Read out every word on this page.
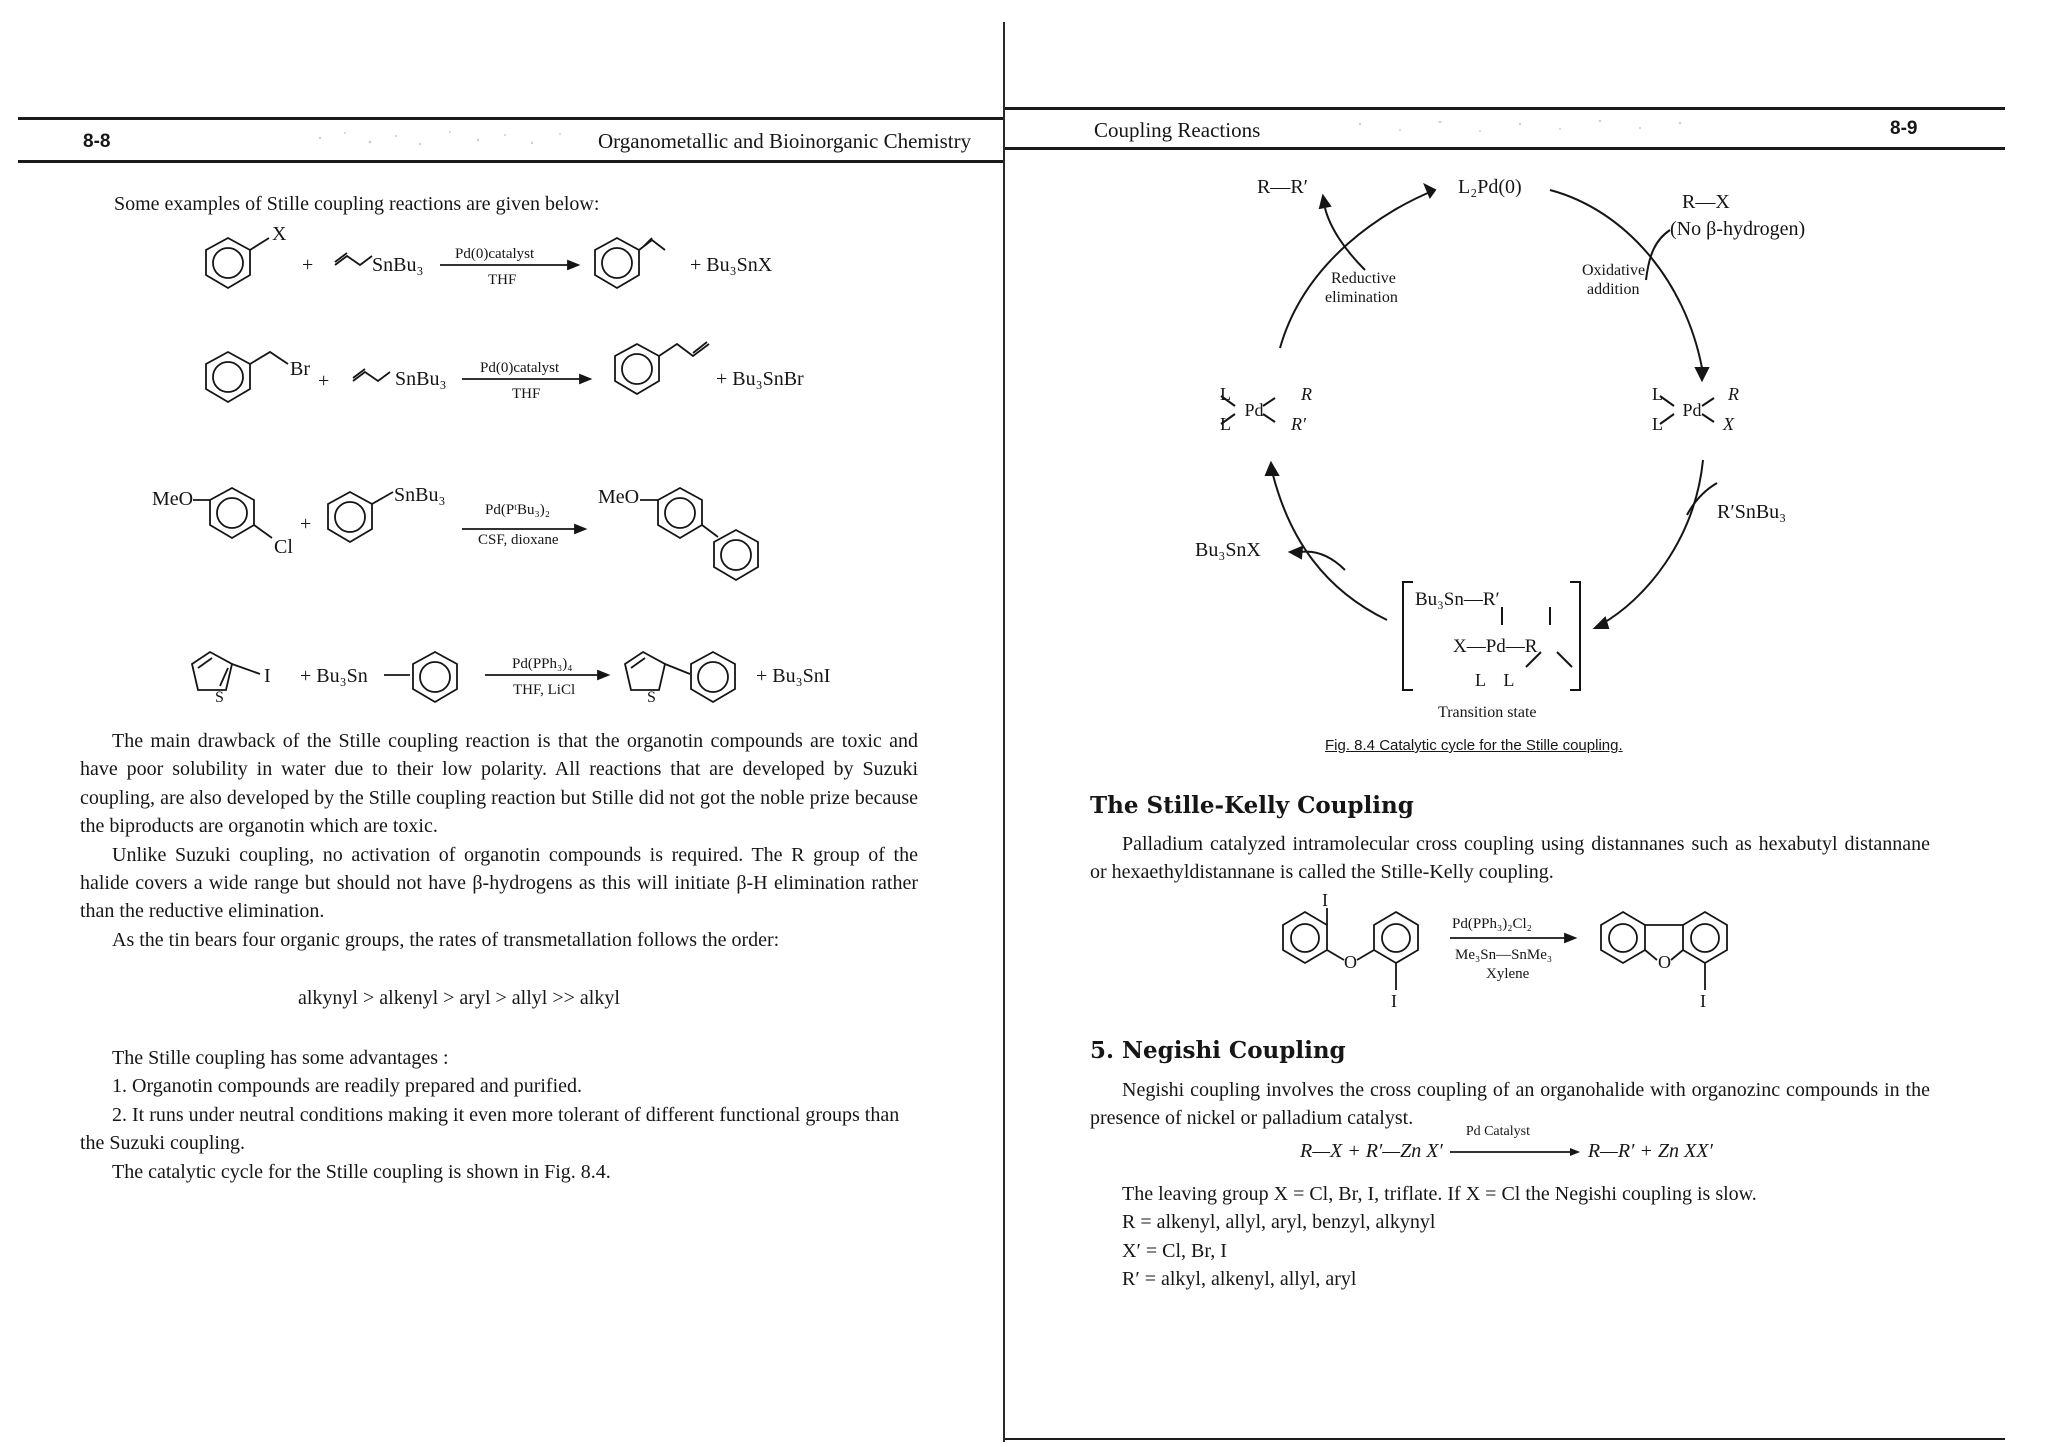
8-8	Organometallic and Bioinorganic Chemistry
Some examples of Stille coupling reactions are given below:
X
+	SnBu₃ Pd(0)catalyst
THF
+ Bu₃SnX
Br
+	SnBu₃ Pd(0)catalyst
THF
+ Bu₃SnBr
MeO
Cl
+
SnBu₃
Pd(PᵗBu₃)₂
CSF, dioxane
MeO
S
I + Bu₃Sn
Pd(PPh₃)₄
THF, LiCl	S
+ Bu₃SnI

The main drawback of the Stille coupling reaction is that the organotin compounds are toxic and have poor solubility in water due to their low polarity. All reactions that are developed by Suzuki coupling, are also developed by the Stille coupling reaction but Stille did not got the noble prize because the biproducts are organotin which are toxic.

Unlike Suzuki coupling, no activation of organotin compounds is required. The R group of the halide covers a wide range but should not have β-hydrogens as this will initiate β-H elimination rather than the reductive elimination.

As the tin bears four organic groups, the rates of transmetallation follows the order:

alkynyl > alkenyl > aryl > allyl >> alkyl

The Stille coupling has some advantages :

1. Organotin compounds are readily prepared and purified.

2. It runs under neutral conditions making it even more tolerant of different functional groups than the Suzuki coupling.

The catalytic cycle for the Stille coupling is shown in Fig. 8.4.

Coupling Reactions	8-9
R—R′	L₂Pd(0)
R—X
(No β-hydrogen)
Reductive
elimination
Oxidative
addition
L
L
Pd
R
R′
L
L
Pd
R
X
R′SnBu₃
Bu₃SnX
Bu₃Sn—R′
X—Pd—R
L    L
Transition state
Fig. 8.4 Catalytic cycle for the Stille coupling.
The Stille-Kelly Coupling
Palladium catalyzed intramolecular cross coupling using distannanes such as hexabutyl distannane or hexaethyldistannane is called the Stille-Kelly coupling.
I
O
I
Pd(PPh₃)₂Cl₂
Me₃Sn—SnMe₃
Xylene
O
I
5. Negishi Coupling
Negishi coupling involves the cross coupling of an organohalide with organozinc compounds in the presence of nickel or palladium catalyst.
R—X + R′—Zn X′
Pd Catalyst
R—R′ + Zn XX′

The leaving group X = Cl, Br, I, triflate. If X = Cl the Negishi coupling is slow.

R = alkenyl, allyl, aryl, benzyl, alkynyl

X′ = Cl, Br, I

R′ = alkyl, alkenyl, allyl, aryl
